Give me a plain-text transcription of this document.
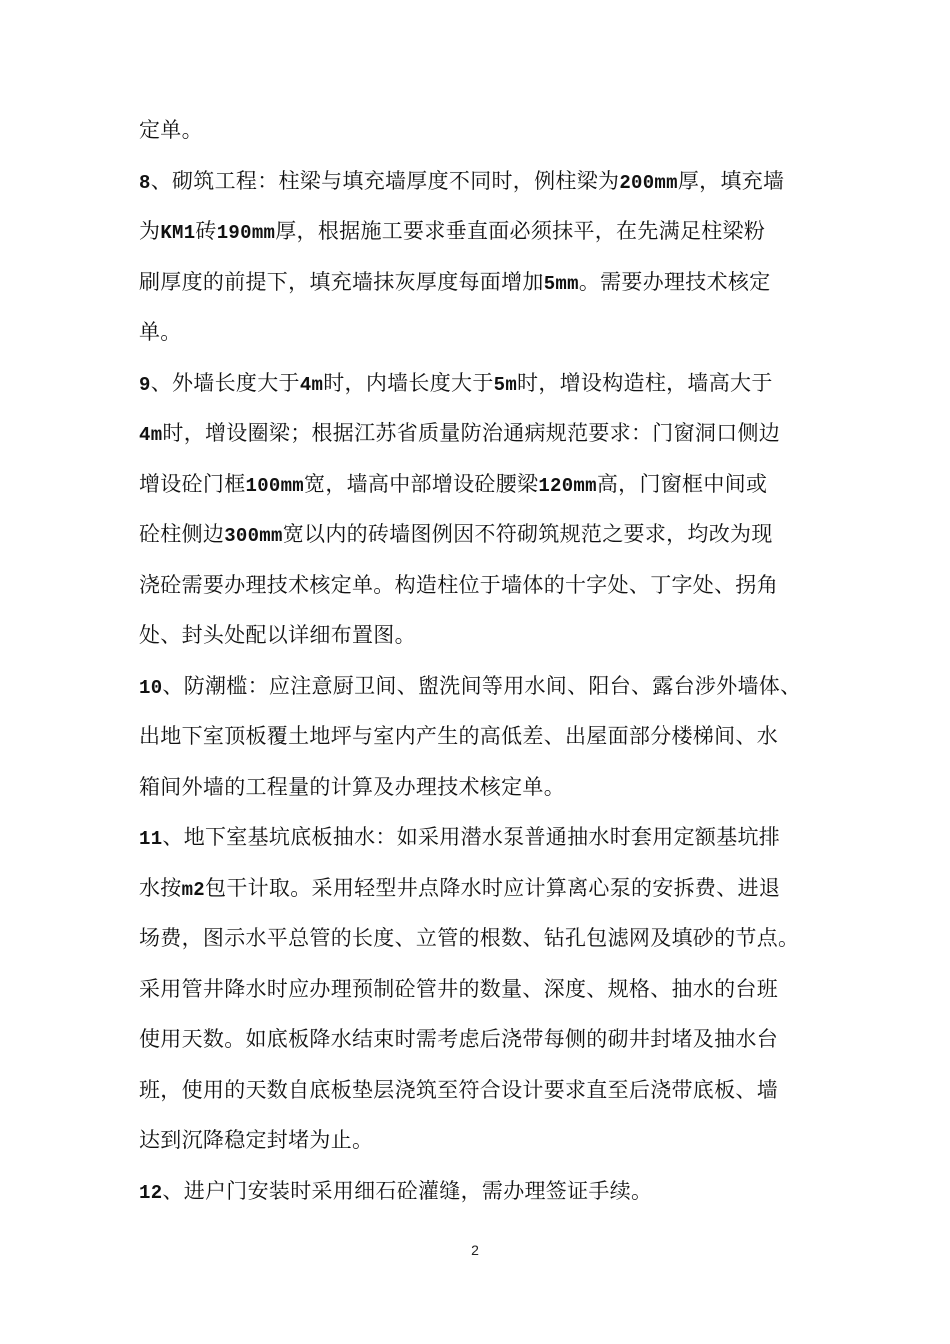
定单。
8、砌筑工程：柱梁与填充墙厚度不同时，例柱梁为200mm厚，填充墙
为KM1砖190mm厚，根据施工要求垂直面必须抹平，在先满足柱梁粉
刷厚度的前提下，填充墙抹灰厚度每面增加5mm。需要办理技术核定
单。
9、外墙长度大于4m时，内墙长度大于5m时，增设构造柱，墙高大于
4m时，增设圈梁；根据江苏省质量防治通病规范要求：门窗洞口侧边
增设砼门框100mm宽，墙高中部增设砼腰梁120mm高，门窗框中间或
砼柱侧边300mm宽以内的砖墙图例因不符砌筑规范之要求，均改为现
浇砼需要办理技术核定单。构造柱位于墙体的十字处、丁字处、拐角
处、封头处配以详细布置图。
10、防潮槛：应注意厨卫间、盥洗间等用水间、阳台、露台涉外墙体、
出地下室顶板覆土地坪与室内产生的高低差、出屋面部分楼梯间、水
箱间外墙的工程量的计算及办理技术核定单。
11、地下室基坑底板抽水：如采用潜水泵普通抽水时套用定额基坑排
水按m2包干计取。采用轻型井点降水时应计算离心泵的安拆费、进退
场费，图示水平总管的长度、立管的根数、钻孔包滤网及填砂的节点。
采用管井降水时应办理预制砼管井的数量、深度、规格、抽水的台班
使用天数。如底板降水结束时需考虑后浇带每侧的砌井封堵及抽水台
班，使用的天数自底板垫层浇筑至符合设计要求直至后浇带底板、墙
达到沉降稳定封堵为止。
12、进户门安装时采用细石砼灌缝，需办理签证手续。
2
